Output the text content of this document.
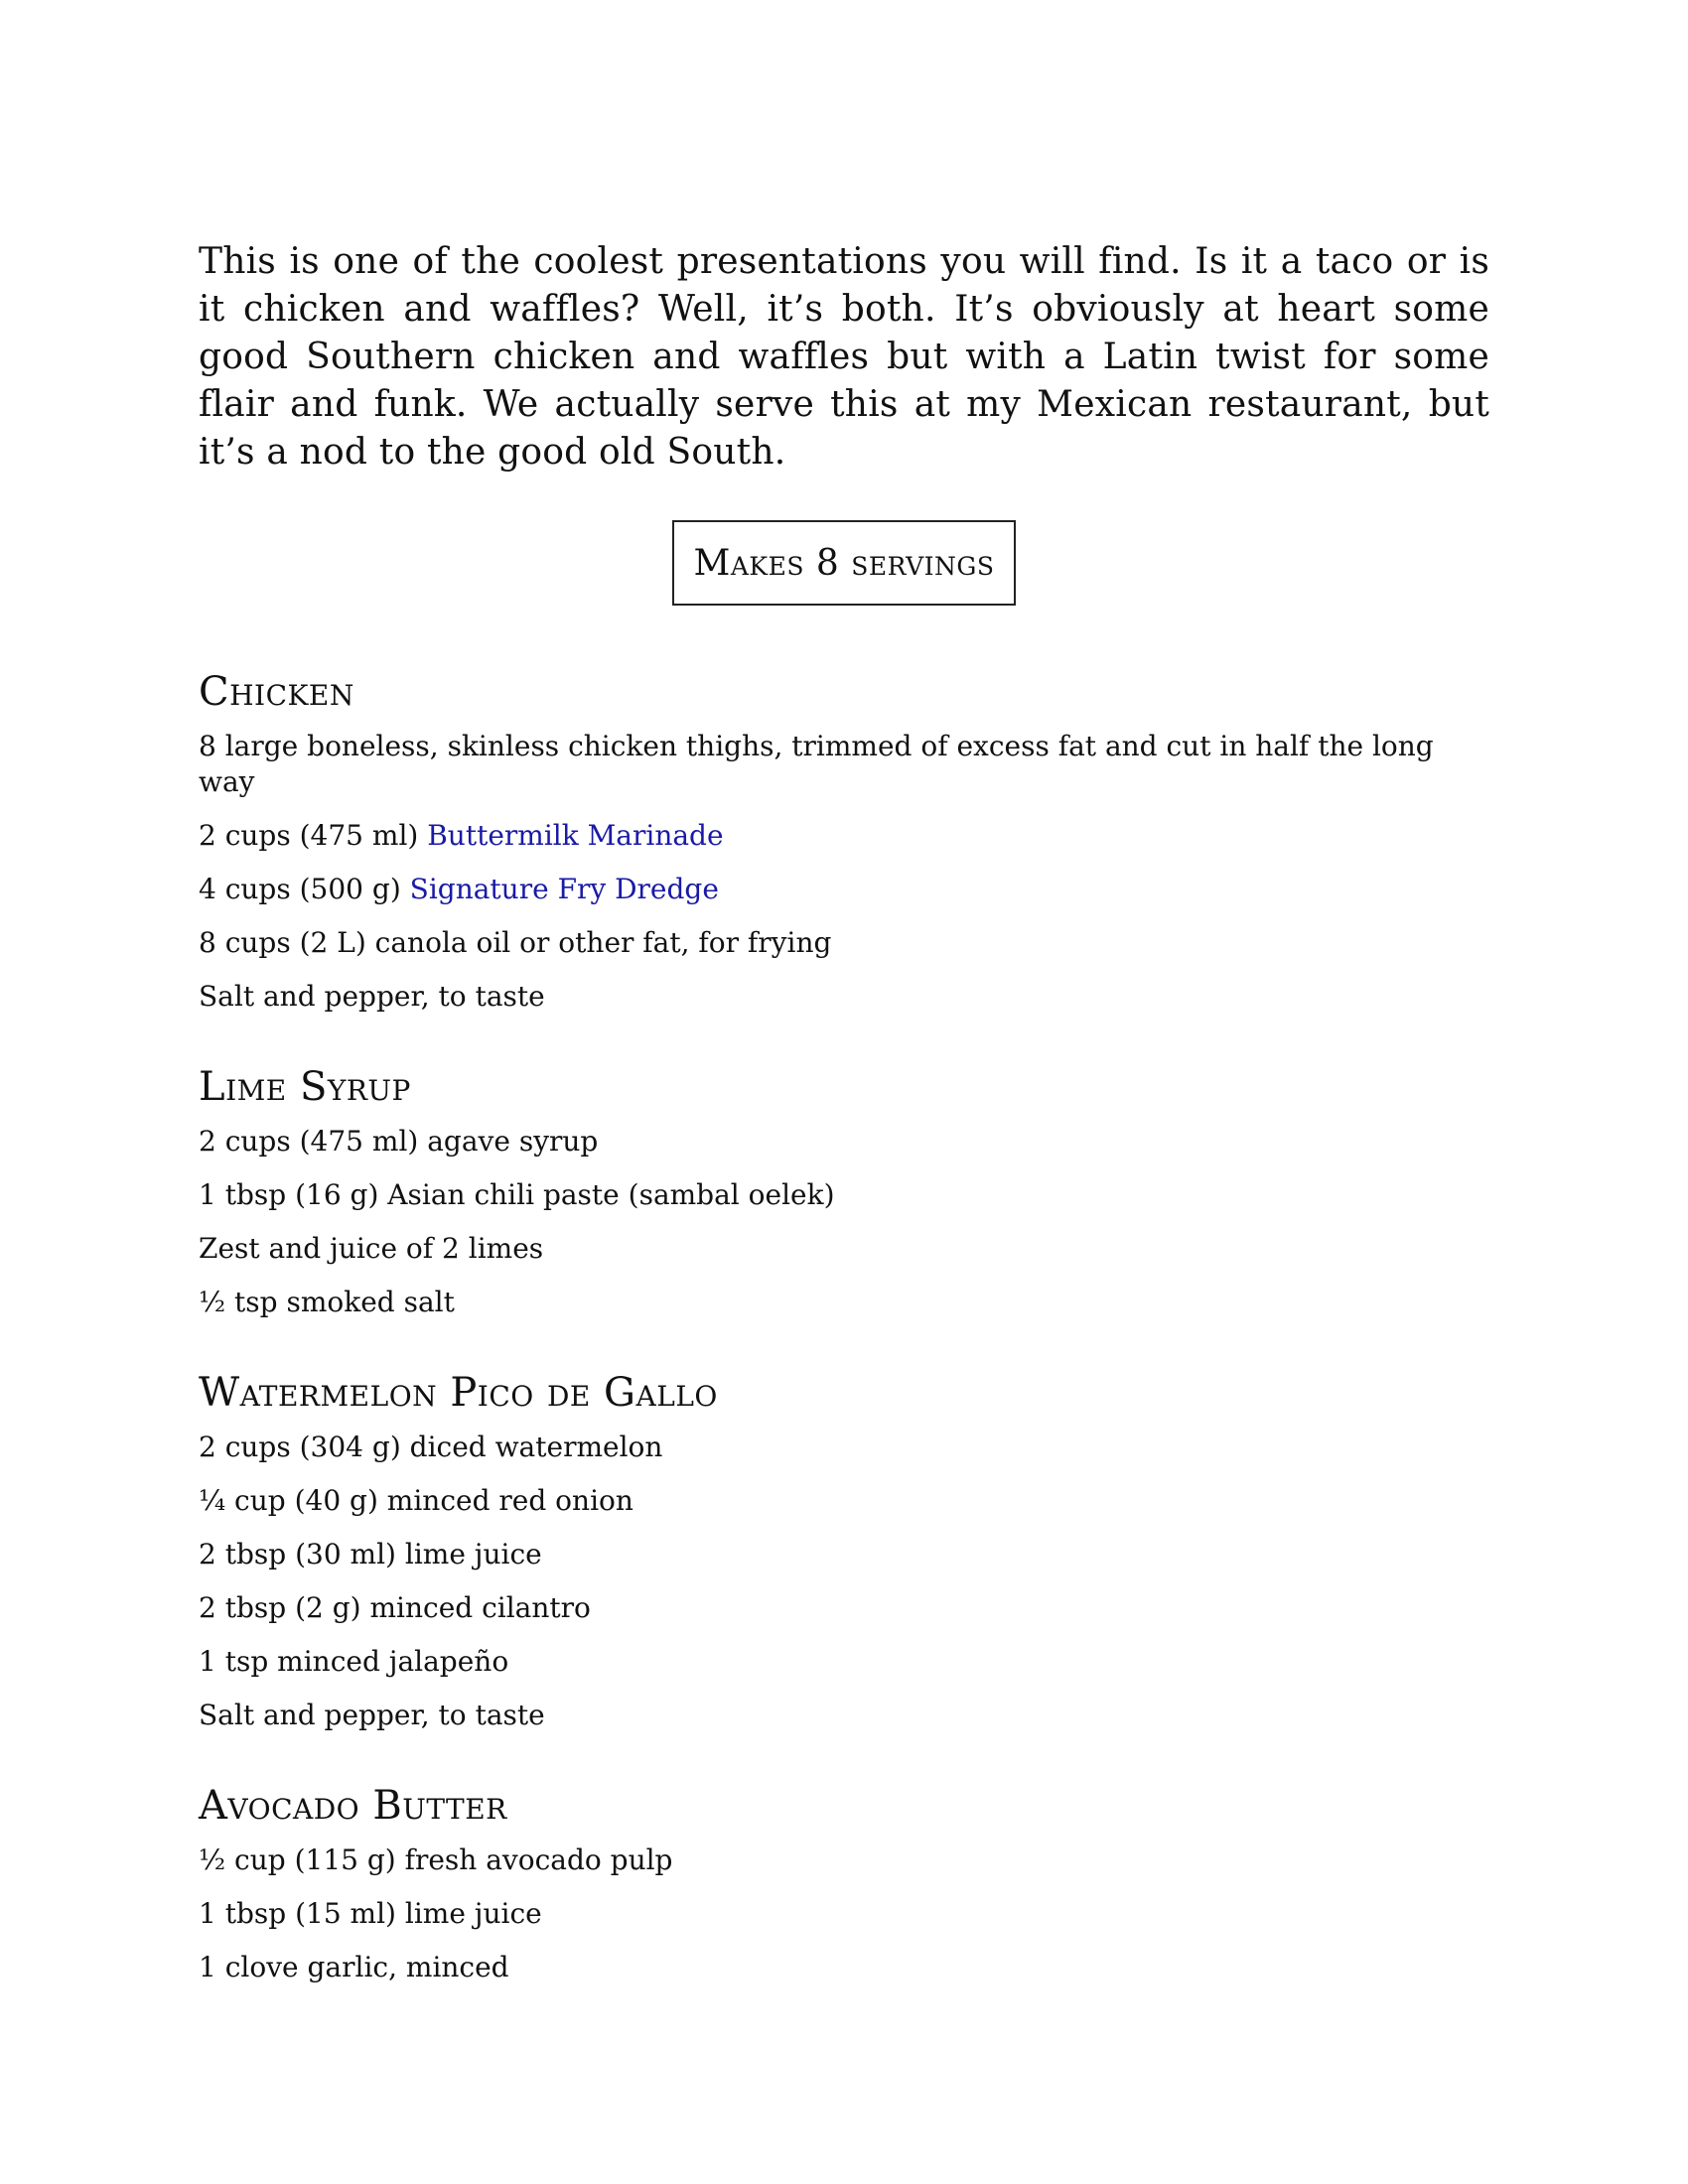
This is one of the coolest presentations you will find. Is it a taco or is it chicken and waffles? Well, it’s both. It’s obviously at heart some good Southern chicken and waffles but with a Latin twist for some flair and funk. We actually serve this at my Mexican restaurant, but it’s a nod to the good old South.

Makes 8 servings
Chicken

8 large boneless, skinless chicken thighs, trimmed of excess fat and cut in half the long way

2 cups (475 ml) Buttermilk Marinade

4 cups (500 g) Signature Fry Dredge

8 cups (2 L) canola oil or other fat, for frying

Salt and pepper, to taste

Lime Syrup

2 cups (475 ml) agave syrup

1 tbsp (16 g) Asian chili paste (sambal oelek)

Zest and juice of 2 limes

½ tsp smoked salt

Watermelon Pico de Gallo

2 cups (304 g) diced watermelon

¼ cup (40 g) minced red onion

2 tbsp (30 ml) lime juice

2 tbsp (2 g) minced cilantro

1 tsp minced jalapeño

Salt and pepper, to taste

Avocado Butter

½ cup (115 g) fresh avocado pulp

1 tbsp (15 ml) lime juice

1 clove garlic, minced
